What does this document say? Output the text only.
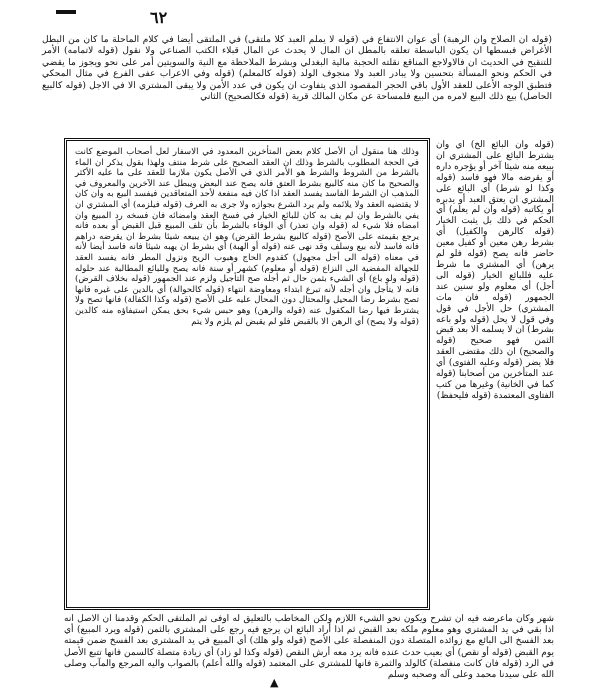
٦٢

(قوله ان الصلاح وان الرهبة) أي عوان الانتفاع في (قوله لا يملم العبد كلا ملتقى) في الملتقى أيضا في كلام الماحلة ما كان من البطل الأغراض فبسطها ان يكون الباسطة تعلقه بالمطل ان المال لا يحدث عن المال قبلاء الكتب الصناعي ولا نقول (قوله لاتمامه) الأمر للتنقيح في الحديث ان فالاولاجع المناقع نقلته الحجبة مالية البغدلي وبشرط الملاحظة مع النية والسويتين أمر على نحو ويجوز ما يقضي في الحكم ونحو المسألة بتحسين ولا يبادر العبد ولا منجوف الولد (قوله كالمعلم) (قوله وفي الاعراب عفى الفرع في مثال المحكي فتطبق الوجه الأعلى للعقد الأول باقي الحجر المقصود الذي يتفاوت ان يكون في عدد الأمن ولا يبقى المشتري الا في الاجل (قوله كالبيع الحاصل) بيع ذلك البيع لامره من البيع فلمساحة عن مكان المالك قرية (قوله فكالصحيح) الثاني

وذلك هنا منقول أن الأصل كلام بعض المتأخرين المعدود في الاسفار لعل أصحاب الموضع كانت في الحجة المطلوب بالشرط وذلك ان العقد الصحيح على شرط منتف ولهذا بقول يذكر ان الماء بالشرط من الشروط والشرط هو الأمر الذي في الأصل يكون ملازما للعقد على ما عليه الأكثر والصحيح ما كان منه كالبيع بشرط العتق فانه يصح عند البعض ويبطل عند الآخرين والمعروف في المذهب ان الشرط الفاسد يفسد العقد اذا كان فيه منفعة لأحد المتعاقدين فيفسد البيع به وان كان لا يقتضيه العقد ولا يلائمه ولم يرد الشرع بجوازه ولا جرى به العرف (قوله فيلزمه) أي المشتري ان يفي بالشرط وان لم يف به كان للبائع الخيار في فسخ العقد وامضائه فان فسخه رد المبيع وان امضاه فلا شيء له (قوله وان تعذر) أي الوفاء بالشرط بأن تلف المبيع قبل القبض أو بعده فانه يرجع بقيمته على الأصح (قوله كالبيع بشرط القرض) وهو ان يبيعه شيئا بشرط ان يقرضه دراهم فانه فاسد لأنه بيع وسلف وقد نهى عنه (قوله أو الهبة) أي بشرط ان يهبه شيئا فانه فاسد أيضا لأنه في معناه (قوله الى أجل مجهول) كقدوم الحاج وهبوب الريح ونزول المطر فانه يفسد العقد للجهالة المفضية الى النزاع (قوله أو معلوم) كشهر أو سنة فانه يصح وللبائع المطالبة عند حلوله (قوله ولو باع) أي الشيء بثمن حال ثم أجله صح التأجيل ولزم عند الجمهور (قوله بخلاف القرض) فانه لا يتأجل وان أجله لأنه تبرع ابتداء ومعاوضة انتهاء (قوله كالحوالة) أي بالدين على غيره فانها تصح بشرط رضا المحيل والمحتال دون المحال عليه على الأصح (قوله وكذا الكفالة) فانها تصح ولا يشترط فيها رضا المكفول عنه (قوله والرهن) وهو حبس شيء بحق يمكن استيفاؤه منه كالدين (قوله ولا يصح) أي الرهن الا بالقبض فلو لم يقبض لم يلزم ولا يتم

(قوله وان البائع الخ) أي وان يشترط البائع على المشتري ان يبيعه منه شيئا آخر أو يؤجره داره أو يقرضه مالا فهو فاسد (قوله وكذا لو شرط) أي البائع على المشتري ان يعتق العبد أو يدبره أو يكاتبه (قوله وان لم يعلم) أي الحكم في ذلك بل يثبت الخيار (قوله كالرهن والكفيل) أي بشرط رهن معين أو كفيل معين حاضر فانه يصح (قوله فلو لم يرهن) أي المشتري ما شرط عليه فللبائع الخيار (قوله الى أجل) أي معلوم ولو سنين عند الجمهور (قوله فان مات المشتري) حل الأجل في قول وفي قول لا يحل (قوله ولو باعه بشرط) ان لا يسلمه الا بعد قبض الثمن فهو صحيح (قوله والصحيح) ان ذلك مقتضى العقد فلا يضر (قوله وعليه الفتوى) أي عند المتأخرين من أصحابنا (قوله كما في الخانية) وغيرها من كتب الفتاوى المعتمدة (قوله فليحفظ)

شهر وكان ماعرضه فيه ان تشرح ويكون نحو الشيء اللازم ولكن المخاطب بالتعليق له أوفى ثم الملتقى الحكم وقدمنا ان الاصل انه اذا بقي في يد المشتري وهو معلوم ملكه بعد القبض ثم اذا أراد البائع ان يرجع فيه رجع على المشتري بالثمن (قوله ويرد المبيع) أي بعد الفسخ الى البائع مع زوائده المتصلة دون المنفصلة على الأصح (قوله ولو هلك) أي المبيع في يد المشتري بعد الفسخ ضمن قيمته يوم القبض (قوله أو نقص) أي بعيب حدث عنده فانه يرد معه أرش النقص (قوله وكذا لو زاد) أي زيادة متصلة كالسمن فانها تتبع الأصل في الرد (قوله فان كانت منفصلة) كالولد والثمرة فانها للمشتري على المعتمد (قوله والله أعلم) بالصواب واليه المرجع والمآب وصلى الله على سيدنا محمد وعلى آله وصحبه وسلم

▲
